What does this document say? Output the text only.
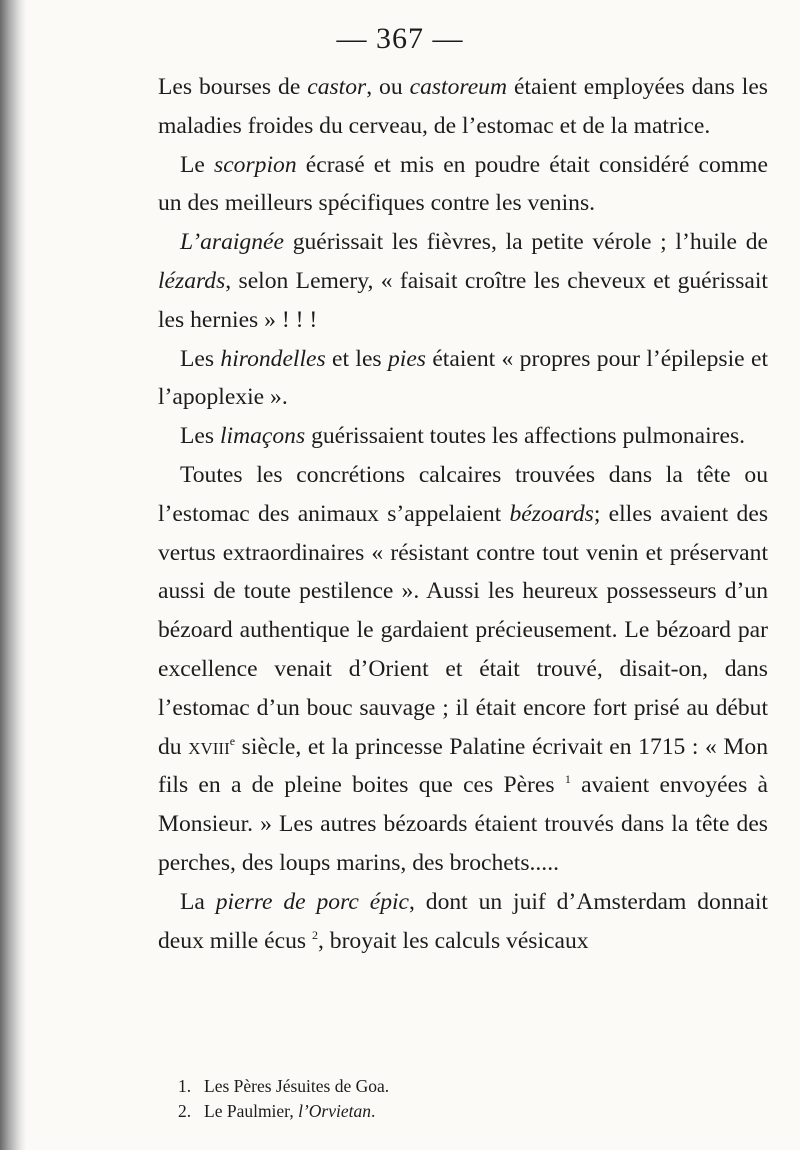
— 367 —

Les bourses de castor, ou castoreum étaient employées dans les maladies froides du cerveau, de l’estomac et de la matrice.

Le scorpion écrasé et mis en poudre était considéré comme un des meilleurs spécifiques contre les venins.

L’araignée guérissait les fièvres, la petite vérole ; l’huile de lézards, selon Lemery, « faisait croître les cheveux et guérissait les hernies » ! ! !

Les hirondelles et les pies étaient « propres pour l’épilepsie et l’apoplexie ».

Les limaçons guérissaient toutes les affections pulmonaires.

Toutes les concrétions calcaires trouvées dans la tête ou l’estomac des animaux s’appelaient bézoards; elles avaient des vertus extraordinaires « résistant contre tout venin et préservant aussi de toute pestilence ». Aussi les heureux possesseurs d’un bézoard authentique le gardaient précieusement. Le bézoard par excellence venait d’Orient et était trouvé, disait-on, dans l’estomac d’un bouc sauvage ; il était encore fort prisé au début du xviii$^e$ siècle, et la princesse Palatine écrivait en 1715 : « Mon fils en a de pleine boites que ces Pères $^1$ avaient envoyées à Monsieur. » Les autres bézoards étaient trouvés dans la tête des perches, des loups marins, des brochets.....

La pierre de porc épic, dont un juif d’Amsterdam donnait deux mille écus $^2$, broyait les calculs vésicaux

1. Les Pères Jésuites de Goa.
2. Le Paulmier, l’Orvietan.
